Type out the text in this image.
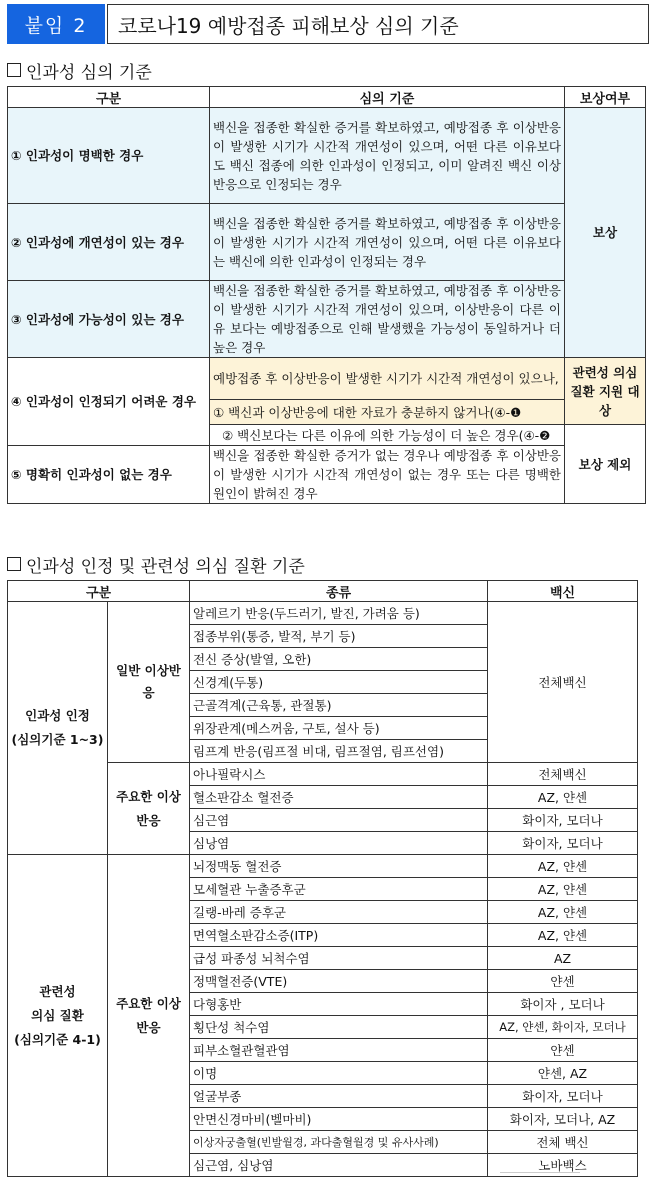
붙임 2	코로나19 예방접종 피해보상 심의 기준
인과성 심의 기준
구분	심의 기준	보상여부
① 인과성이 명백한 경우	백신을 접종한 확실한 증거를 확보하였고, 예방접종 후 이상반응이 발생한 시기가 시간적 개연성이 있으며, 어떤 다른 이유보다도 백신 접종에 의한 인과성이 인정되고, 이미 알려진 백신 이상반응으로 인정되는 경우	보상
② 인과성에 개연성이 있는 경우	백신을 접종한 확실한 증거를 확보하였고, 예방접종 후 이상반응이 발생한 시기가 시간적 개연성이 있으며, 어떤 다른 이유보다는 백신에 의한 인과성이 인정되는 경우	
③ 인과성에 가능성이 있는 경우	백신을 접종한 확실한 증거를 확보하였고, 예방접종 후 이상반응이 발생한 시기가 시간적 개연성이 있으며, 이상반응이 다른 이유 보다는 예방접종으로 인해 발생했을 가능성이 동일하거나 더 높은 경우	
④ 인과성이 인정되기 어려운 경우	예방접종 후 이상반응이 발생한 시기가 시간적 개연성이 있으나,	관련성 의심 질환 지원 대상
	① 백신과 이상반응에 대한 자료가 충분하지 않거나(④-❶	
	② 백신보다는 다른 이유에 의한 가능성이 더 높은 경우(④-❷	보상 제외
⑤ 명확히 인과성이 없는 경우	백신을 접종한 확실한 증거가 없는 경우나 예방접종 후 이상반응이 발생한 시기가 시간적 개연성이 없는 경우 또는 다른 명백한 원인이 밝혀진 경우	
인과성 인정 및 관련성 의심 질환 기준
구분		종류	백신

인과성 인정
(심의기준 1~3)	일반 이상반응	알레르기 반응(두드러기, 발진, 가려움 등)	전체백신
		접종부위(통증, 발적, 부기 등)	
		전신 증상(발열, 오한)	
		신경계(두통)	
		근골격계(근육통, 관절통)	
		위장관계(메스꺼움, 구토, 설사 등)	
		림프계 반응(림프절 비대, 림프절염, 림프선염)	
	주요한 이상반응	아나필락시스	전체백신
		혈소판감소 혈전증	AZ, 얀센
		심근염	화이자, 모더나
		심낭염	화이자, 모더나

관련성
의심 질환
(심의기준 4-1)	주요한 이상반응	뇌정맥동 혈전증	AZ, 얀센
		모세혈관 누출증후군	AZ, 얀센
		길랭-바레 증후군	AZ, 얀센
		면역혈소판감소증(ITP)	AZ, 얀센
		급성 파종성 뇌척수염	AZ
		정맥혈전증(VTE)	얀센
		다형홍반	화이자 , 모더나
		횡단성 척수염	AZ, 얀센, 화이자, 모더나
		피부소혈관혈관염	얀센
		이명	얀센, AZ
		얼굴부종	화이자, 모더나
		안면신경마비(벨마비)	화이자, 모더나, AZ
		이상자궁출혈(빈발월경, 과다출혈월경 및 유사사례)	전체 백신
		심근염, 심낭염	노바백스
